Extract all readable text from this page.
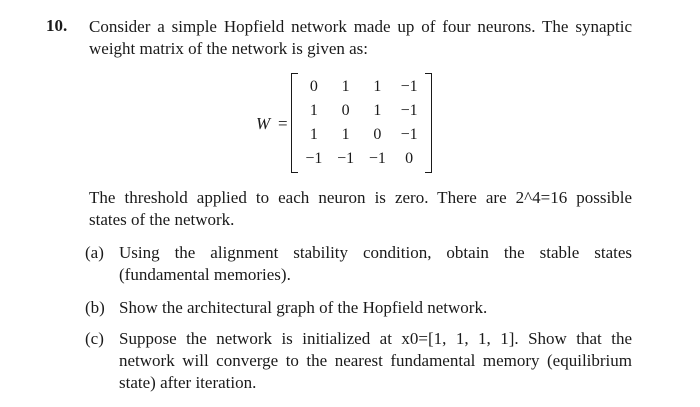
10. Consider a simple Hopfield network made up of four neurons. The synaptic
weight matrix of the network is given as:
W =
0	1	1	−1
1	0	1	−1
1	1	0	−1
−1 −1 −1	0
The threshold applied to each neuron is zero. There are 2^4=16 possible
states of the network.
(a) Using the alignment stability condition, obtain the stable states
(fundamental memories).
(b) Show the architectural graph of the Hopfield network.
(c) Suppose the network is initialized at x0=[1, 1, 1, 1]. Show that the
network will converge to the nearest fundamental memory (equilibrium
state) after iteration.
